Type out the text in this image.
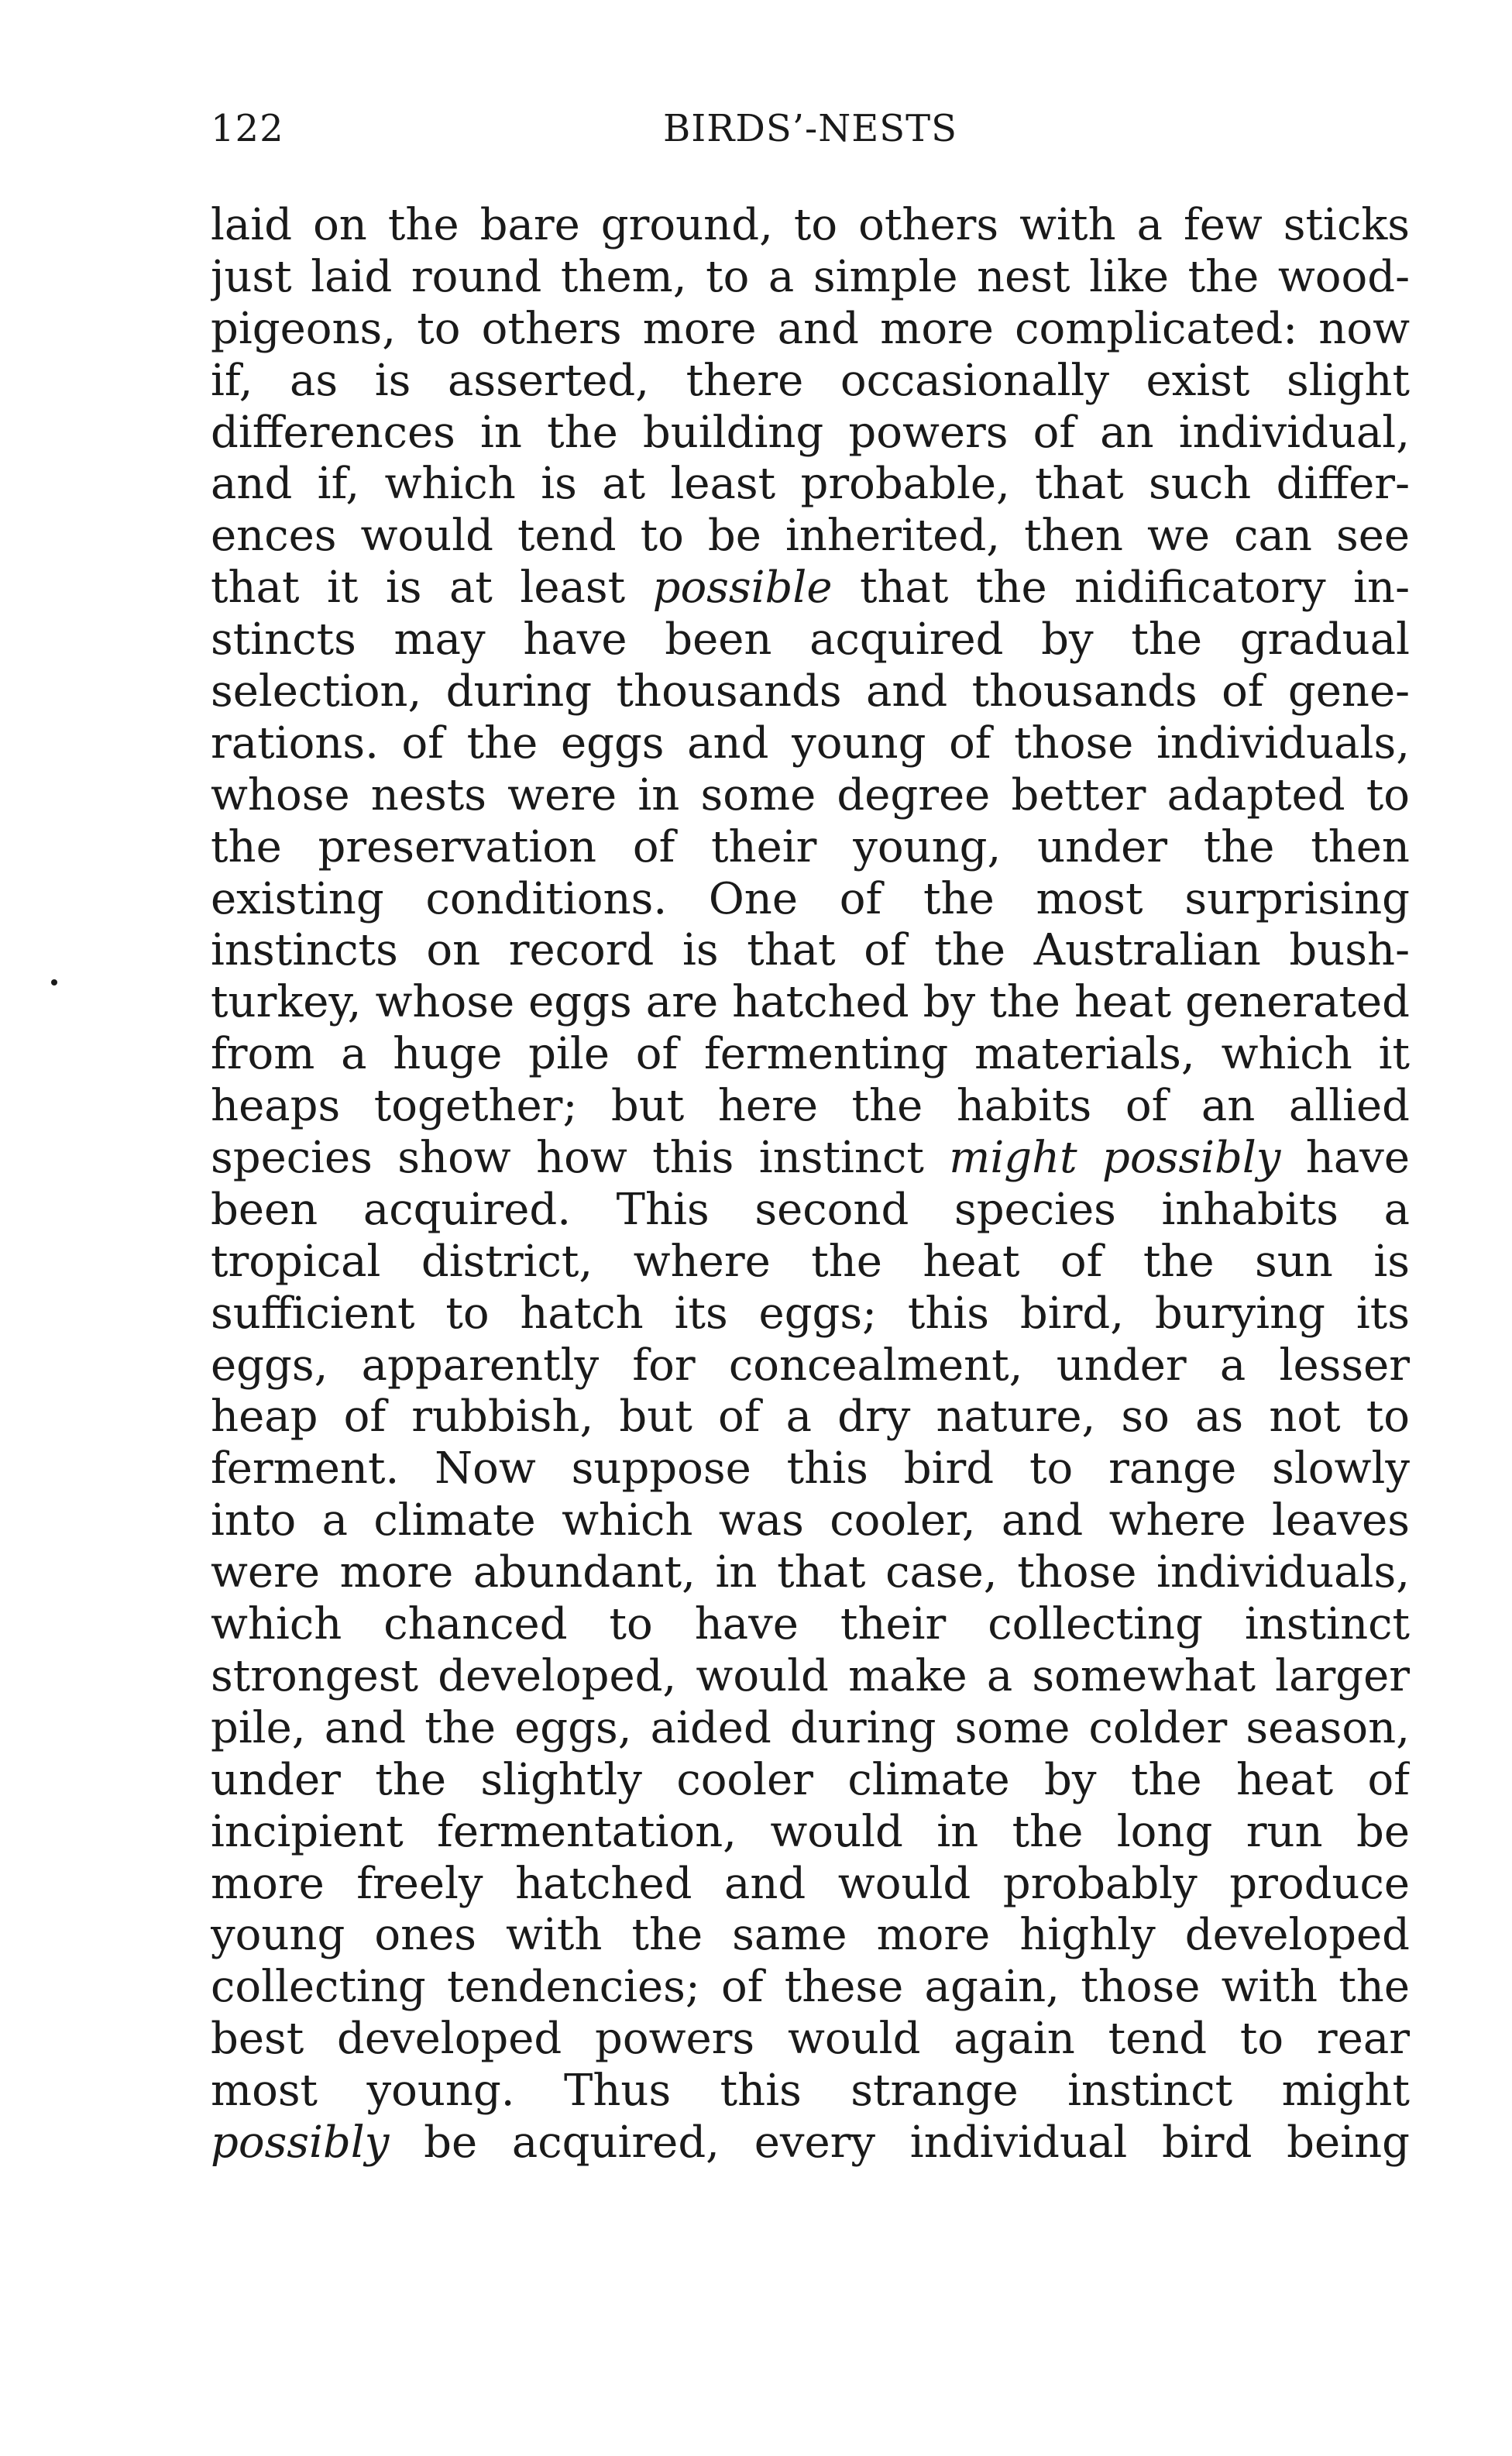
122	BIRDS’-NESTS
laid on the bare ground, to others with a few sticks
just laid round them, to a simple nest like the wood-
pigeons, to others more and more complicated: now
if, as is asserted, there occasionally exist slight
differences in the building powers of an individual,
and if, which is at least probable, that such differ-
ences would tend to be inherited, then we can see
that it is at least possible that the nidificatory in-
stincts may have been acquired by the gradual
selection, during thousands and thousands of gene-
rations. of the eggs and young of those individuals,
whose nests were in some degree better adapted to
the preservation of their young, under the then
existing conditions. One of the most surprising
instincts on record is that of the Australian bush-
turkey, whose eggs are hatched by the heat generated
from a huge pile of fermenting materials, which it
heaps together; but here the habits of an allied
species show how this instinct might possibly have
been acquired. This second species inhabits a
tropical district, where the heat of the sun is
sufficient to hatch its eggs; this bird, burying its
eggs, apparently for concealment, under a lesser
heap of rubbish, but of a dry nature, so as not to
ferment. Now suppose this bird to range slowly
into a climate which was cooler, and where leaves
were more abundant, in that case, those individuals,
which chanced to have their collecting instinct
strongest developed, would make a somewhat larger
pile, and the eggs, aided during some colder season,
under the slightly cooler climate by the heat of
incipient fermentation, would in the long run be
more freely hatched and would probably produce
young ones with the same more highly developed
collecting tendencies; of these again, those with the
best developed powers would again tend to rear
most young. Thus this strange instinct might
possibly be acquired, every individual bird being
